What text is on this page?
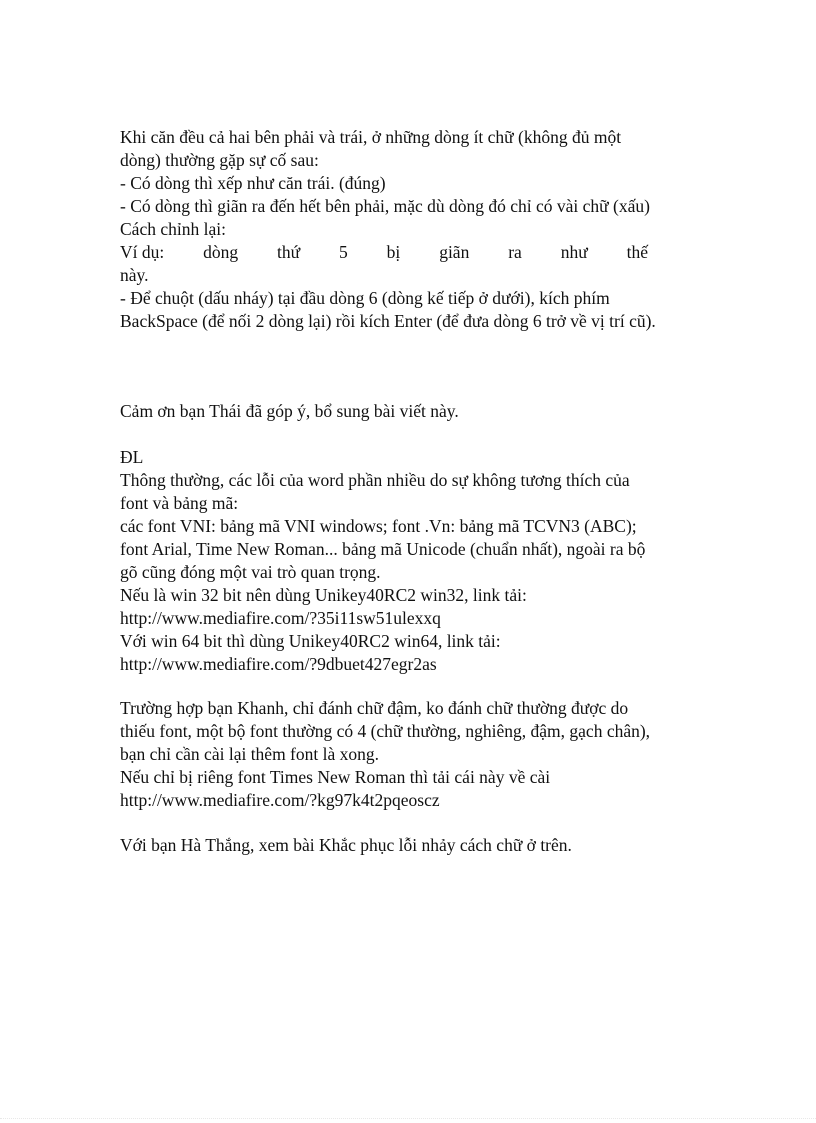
Khi căn đều cả hai bên phải và trái, ở những dòng ít chữ (không đủ một
dòng) thường gặp sự cố sau:
- Có dòng thì xếp như căn trái. (đúng)
- Có dòng thì giãn ra đến hết bên phải, mặc dù dòng đó chỉ có vài chữ (xấu)
Cách chỉnh lại:
Ví dụ: dòng thứ 5 bị giãn ra như thế
này.
- Để chuột (dấu nháy) tại đầu dòng 6 (dòng kế tiếp ở dưới), kích phím
BackSpace (để nối 2 dòng lại) rồi kích Enter (để đưa dòng 6 trở về vị trí cũ).
Cảm ơn bạn Thái đã góp ý, bổ sung bài viết này.
ĐL
Thông thường, các lỗi của word phần nhiều do sự không tương thích của
font và bảng mã:
các font VNI: bảng mã VNI windows; font .Vn: bảng mã TCVN3 (ABC);
font Arial, Time New Roman... bảng mã Unicode (chuẩn nhất), ngoài ra bộ
gõ cũng đóng một vai trò quan trọng.
Nếu là win 32 bit nên dùng Unikey40RC2 win32, link tải:
http://www.mediafire.com/?35i11sw51ulexxq
Với win 64 bit thì dùng Unikey40RC2 win64, link tải:
http://www.mediafire.com/?9dbuet427egr2as
Trường hợp bạn Khanh, chỉ đánh chữ đậm, ko đánh chữ thường được do
thiếu font, một bộ font thường có 4 (chữ thường, nghiêng, đậm, gạch chân),
bạn chỉ cần cài lại thêm font là xong.
Nếu chỉ bị riêng font Times New Roman thì tải cái này về cài
http://www.mediafire.com/?kg97k4t2pqeoscz
Với bạn Hà Thắng, xem bài Khắc phục lỗi nhảy cách chữ ở trên.
